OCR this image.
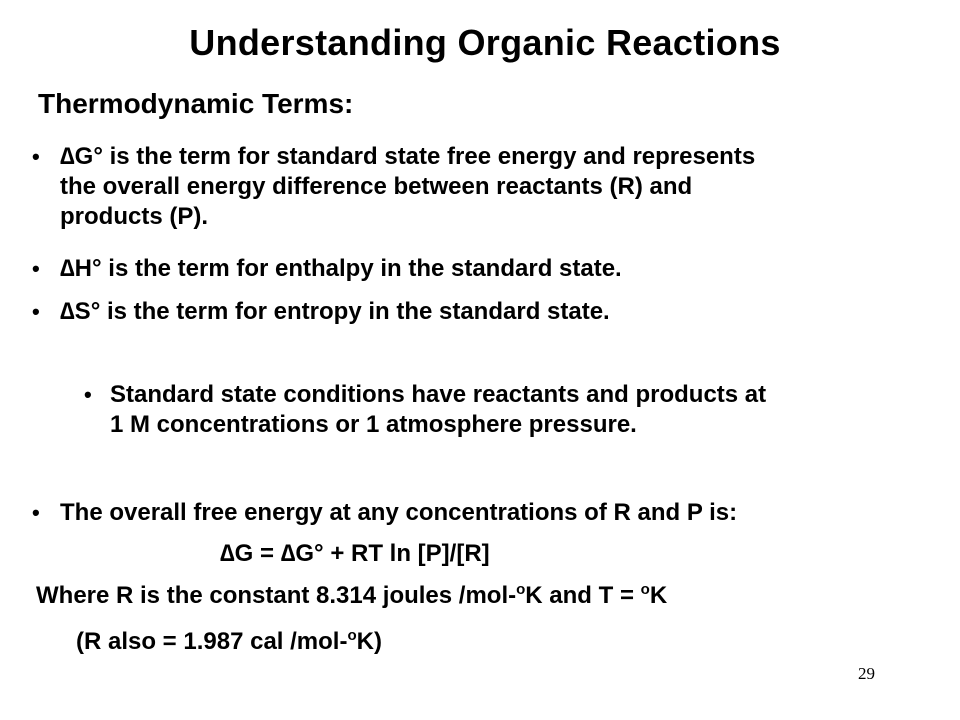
Understanding Organic Reactions
Thermodynamic Terms:
• ∆G° is the term for standard state free energy and represents
the overall energy difference between reactants (R) and
products (P).
• ∆H° is the term for enthalpy in the standard state.
• ∆S° is the term for entropy in the standard state.
• Standard state conditions have reactants and products at
1 M concentrations or 1 atmosphere pressure.
• The overall free energy at any concentrations of R and P is:
∆G = ∆G° + RT ln [P]/[R]
Where R is the constant 8.314 joules /mol-$^o$K and T = $^o$K
(R also = 1.987 cal /mol-$^o$K)
29
